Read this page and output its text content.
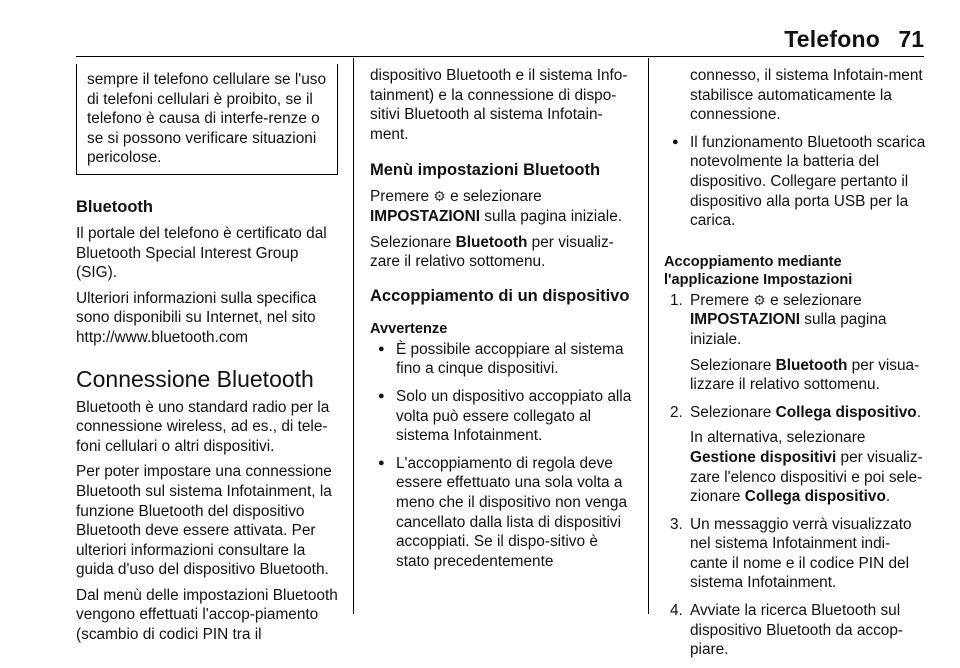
Telefono 71
sempre il telefono cellulare se l'uso di telefoni cellulari è proibito, se il telefono è causa di interfe-renze o se si possono verificare situazioni pericolose.
Bluetooth

Il portale del telefono è certificato dal Bluetooth Special Interest Group (SIG).

Ulteriori informazioni sulla specifica sono disponibili su Internet, nel sito http://www.bluetooth.com

Connessione Bluetooth

Bluetooth è uno standard radio per la connessione wireless, ad es., di tele-foni cellulari o altri dispositivi.

Per poter impostare una connessione Bluetooth sul sistema Infotainment, la funzione Bluetooth del dispositivo Bluetooth deve essere attivata. Per ulteriori informazioni consultare la guida d'uso del dispositivo Bluetooth.

Dal menù delle impostazioni Bluetooth vengono effettuati l'accop-piamento (scambio di codici PIN tra il

dispositivo Bluetooth e il sistema Info-tainment) e la connessione di dispo-sitivi Bluetooth al sistema Infotain-ment.

Menù impostazioni Bluetooth

Premere ⚙ e selezionare IMPOSTAZIONI sulla pagina iniziale.

Selezionare Bluetooth per visualiz-zare il relativo sottomenu.

Accoppiamento di un dispositivo
Avvertenze
● È possibile accoppiare al sistema fino a cinque dispositivi.
● Solo un dispositivo accoppiato alla volta può essere collegato al sistema Infotainment.
● L'accoppiamento di regola deve essere effettuato una sola volta a meno che il dispositivo non venga cancellato dalla lista di dispositivi accoppiati. Se il dispo-sitivo è stato precedentemente
connesso, il sistema Infotain-ment stabilisce automaticamente la connessione.
● Il funzionamento Bluetooth scarica notevolmente la batteria del dispositivo. Collegare pertanto il dispositivo alla porta USB per la carica.
Accoppiamento mediante l'applicazione Impostazioni
1. Premere ⚙ e selezionare IMPOSTAZIONI sulla pagina iniziale.

Selezionare Bluetooth per visua-lizzare il relativo sottomenu.

2. Selezionare Collega dispositivo.

In alternativa, selezionare Gestione dispositivi per visualiz-zare l'elenco dispositivi e poi sele-zionare Collega dispositivo.

3. Un messaggio verrà visualizzato nel sistema Infotainment indi-cante il nome e il codice PIN del sistema Infotainment.
4. Avviate la ricerca Bluetooth sul dispositivo Bluetooth da accop-piare.
